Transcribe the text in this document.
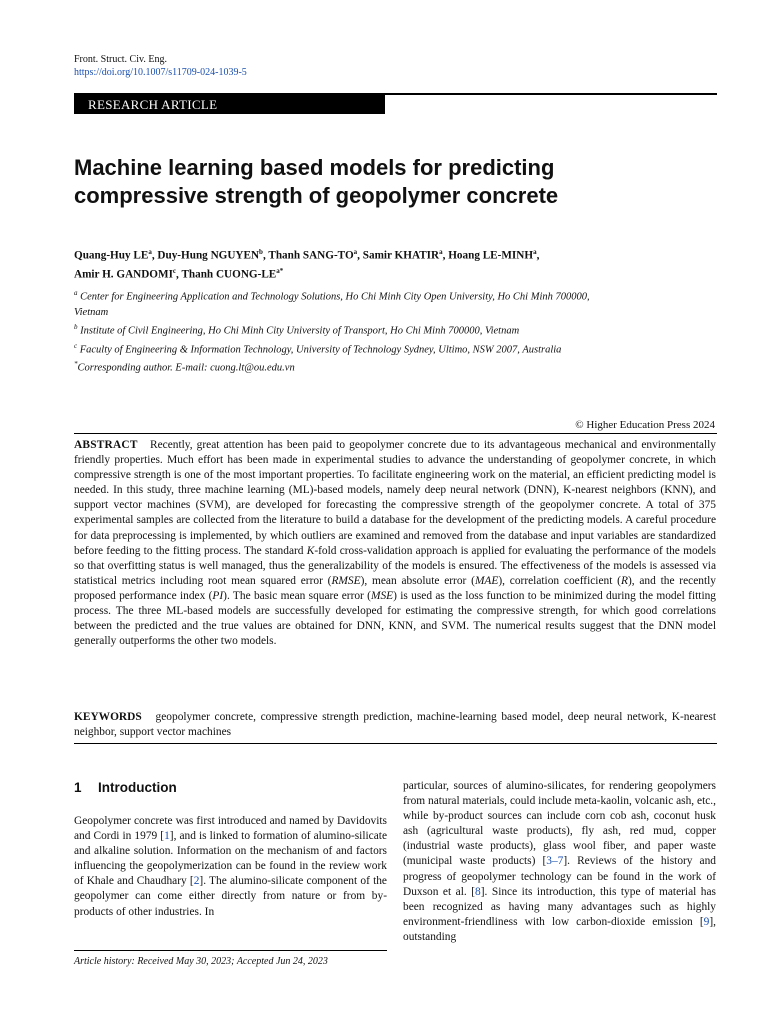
Front. Struct. Civ. Eng.
https://doi.org/10.1007/s11709-024-1039-5
RESEARCH ARTICLE
Machine learning based models for predicting
compressive strength of geopolymer concrete
Quang-Huy $LE^a$, Duy-Hung NGUYEN$^b$, Thanh SANG-$TO^a$, Samir KHATIR$^a$, Hoang LE-MINH$^a$,
Amir H. GANDOMI$^c$, Thanh CUONG-$LE^{a*}$
$^a$ Center for Engineering Application and Technology Solutions, Ho Chi Minh City Open University, Ho Chi Minh 700000,
Vietnam
$^b$ Institute of Civil Engineering, Ho Chi Minh City University of Transport, Ho Chi Minh 700000, Vietnam
$^c$ Faculty of Engineering & Information Technology, University of Technology Sydney, Ultimo, NSW 2007, Australia
*Corresponding author. E-mail: cuong.lt@ou.edu.vn
© Higher Education Press 2024
ABSTRACT Recently, great attention has been paid to geopolymer concrete due to its advantageous mechanical and environmentally friendly properties. Much effort has been made in experimental studies to advance the understanding of geopolymer concrete, in which compressive strength is one of the most important properties. To facilitate engineering work on the material, an efficient predicting model is needed. In this study, three machine learning (ML)-based models, namely deep neural network (DNN), K-nearest neighbors (KNN), and support vector machines (SVM), are developed for forecasting the compressive strength of the geopolymer concrete. A total of 375 experimental samples are collected from the literature to build a database for the development of the predicting models. A careful procedure for data preprocessing is implemented, by which outliers are examined and removed from the database and input variables are standardized before feeding to the fitting process. The standard K-fold cross-validation approach is applied for evaluating the performance of the models so that overfitting status is well managed, thus the generalizability of the models is ensured. The effectiveness of the models is assessed via statistical metrics including root mean squared error (RMSE), mean absolute error (MAE), correlation coefficient (R), and the recently proposed performance index (PI). The basic mean square error (MSE) is used as the loss function to be minimized during the model fitting process. The three ML-based models are successfully developed for estimating the compressive strength, for which good correlations between the predicted and the true values are obtained for DNN, KNN, and SVM. The numerical results suggest that the DNN model generally outperforms the other two models.
KEYWORDS geopolymer concrete, compressive strength prediction, machine-learning based model, deep neural network, K-nearest neighbor, support vector machines
1 Introduction
Geopolymer concrete was first introduced and named by Davidovits and Cordi in 1979 [1], and is linked to formation of alumino-silicate and alkaline solution. Information on the mechanism of and factors influencing the geopolymerization can be found in the review work of Khale and Chaudhary [2]. The alumino-silicate component of the geopolymer can come either directly from nature or from by-products of other industries. In
particular, sources of alumino-silicates, for rendering geopolymers from natural materials, could include meta-kaolin, volcanic ash, etc., while by-product sources can include corn cob ash, coconut husk ash (agricultural waste products), fly ash, red mud, copper (industrial waste products), glass wool fiber, and paper waste (municipal waste products) [3–7]. Reviews of the history and progress of geopolymer technology can be found in the work of Duxson et al. [8]. Since its introduction, this type of material has been recognized as having many advantages such as highly environment-friendliness with low carbon-dioxide emission [9], outstanding
Article history: Received May 30, 2023; Accepted Jun 24, 2023
